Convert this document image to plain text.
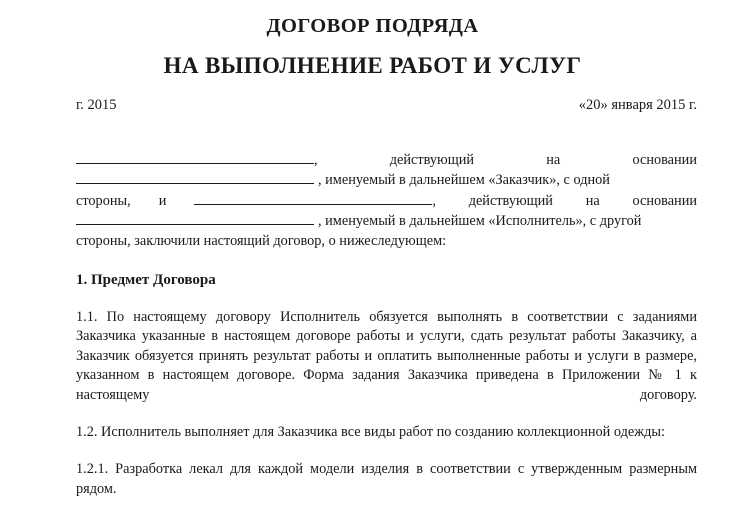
ДОГОВОР ПОДРЯДА
НА ВЫПОЛНЕНИЕ РАБОТ И УСЛУГ
г. 2015	«20» января 2015 г.
,	действующий	на	основании
, именуемый в дальнейшем «Заказчик», с одной
стороны, и	, действующий на основании
, именуемый в дальнейшем «Исполнитель», с другой
стороны, заключили настоящий договор, о нижеследующем:
1. Предмет Договора

1.1. По настоящему договору Исполнитель обязуется выполнять в соответствии с заданиями Заказчика указанные в настоящем договоре работы и услуги, сдать результат работы Заказчику, а Заказчик обязуется принять результат работы и оплатить выполненные работы и услуги в размере, указанном в настоящем договоре. Форма задания Заказчика приведена в Приложении № 1 к настоящему договору.

1.2. Исполнитель выполняет для Заказчика все виды работ по созданию коллекционной одежды:

1.2.1. Разработка лекал для каждой модели изделия в соответствии с утвержденным размерным рядом.
